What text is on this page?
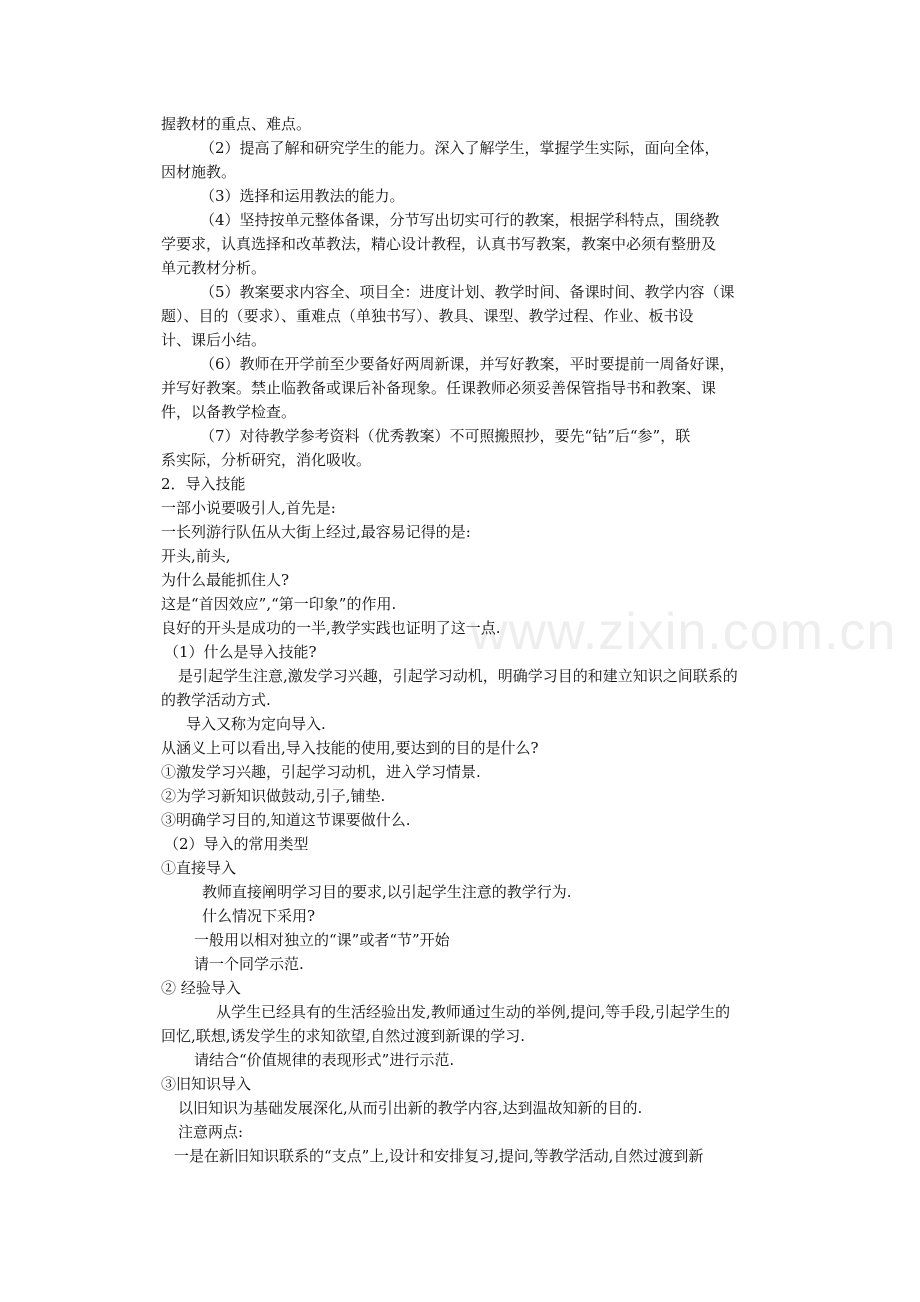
www.zixin.com.cn
握教材的重点、难点。
（2）提高了解和研究学生的能力。深入了解学生，掌握学生实际，面向全体，
因材施教。
（3）选择和运用教法的能力。
（4）坚持按单元整体备课，分节写出切实可行的教案，根据学科特点，围绕教
学要求，认真选择和改革教法，精心设计教程，认真书写教案，教案中必须有整册及
单元教材分析。
（5）教案要求内容全、项目全：进度计划、教学时间、备课时间、教学内容（课
题）、目的（要求）、重难点（单独书写）、教具、课型、教学过程、作业、板书设
计、课后小结。
（6）教师在开学前至少要备好两周新课，并写好教案，平时要提前一周备好课，
并写好教案。禁止临教备或课后补备现象。任课教师必须妥善保管指导书和教案、课
件，以备教学检查。
（7）对待教学参考资料（优秀教案）不可照搬照抄，要先“钻”后“参”，联
系实际，分析研究，消化吸收。
2．导入技能
一部小说要吸引人,首先是:
一长列游行队伍从大街上经过,最容易记得的是:
开头,前头,
为什么最能抓住人?
这是“首因效应”,“第一印象”的作用.
良好的开头是成功的一半,教学实践也证明了这一点.
（1）什么是导入技能?
是引起学生注意,激发学习兴趣，引起学习动机，明确学习目的和建立知识之间联系的
的教学活动方式.
导入又称为定向导入.
从涵义上可以看出,导入技能的使用,要达到的目的是什么?
①激发学习兴趣，引起学习动机，进入学习情景.
②为学习新知识做鼓动,引子,铺垫.
③明确学习目的,知道这节课要做什么.
（2）导入的常用类型
①直接导入
教师直接阐明学习目的要求,以引起学生注意的教学行为.
什么情况下采用?
一般用以相对独立的“课”或者“节”开始
请一个同学示范.
② 经验导入
从学生已经具有的生活经验出发,教师通过生动的举例,提问,等手段,引起学生的
回忆,联想,诱发学生的求知欲望,自然过渡到新课的学习.
请结合“价值规律的表现形式”进行示范.
③旧知识导入
以旧知识为基础发展深化,从而引出新的教学内容,达到温故知新的目的.
注意两点:
一是在新旧知识联系的“支点”上,设计和安排复习,提问,等教学活动,自然过渡到新
